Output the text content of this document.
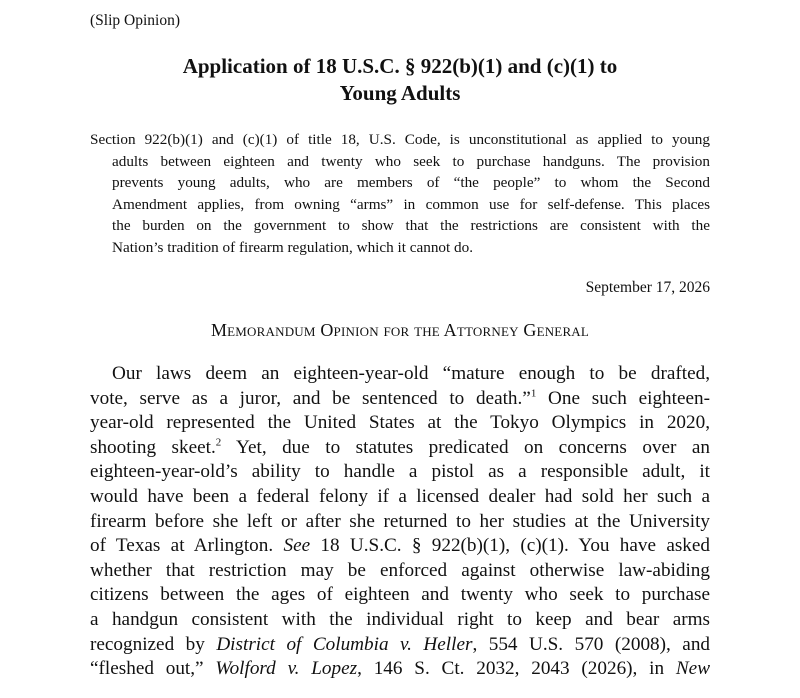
(Slip Opinion)
Application of 18 U.S.C. § 922(b)(1) and (c)(1) to
Young Adults
Section 922(b)(1) and (c)(1) of title 18, U.S. Code, is unconstitutional as applied to young
adults between eighteen and twenty who seek to purchase handguns. The provision
prevents young adults, who are members of “the people” to whom the Second
Amendment applies, from owning “arms” in common use for self-defense. This places
the burden on the government to show that the restrictions are consistent with the
Nation’s tradition of firearm regulation, which it cannot do.
September 17, 2026
Memorandum Opinion for the Attorney General
Our laws deem an eighteen-year-old “mature enough to be drafted,
vote, serve as a juror, and be sentenced to death.”$^1$ One such eighteen-
year-old represented the United States at the Tokyo Olympics in 2020,
shooting skeet.$^2$ Yet, due to statutes predicated on concerns over an
eighteen-year-old’s ability to handle a pistol as a responsible adult, it
would have been a federal felony if a licensed dealer had sold her such a
firearm before she left or after she returned to her studies at the University
of Texas at Arlington. See 18 U.S.C. § 922(b)(1), (c)(1). You have asked
whether that restriction may be enforced against otherwise law-abiding
citizens between the ages of eighteen and twenty who seek to purchase
a handgun consistent with the individual right to keep and bear arms
recognized by District of Columbia v. Heller, 554 U.S. 570 (2008), and
“fleshed out,” Wolford v. Lopez, 146 S. Ct. 2032, 2043 (2026), in New
